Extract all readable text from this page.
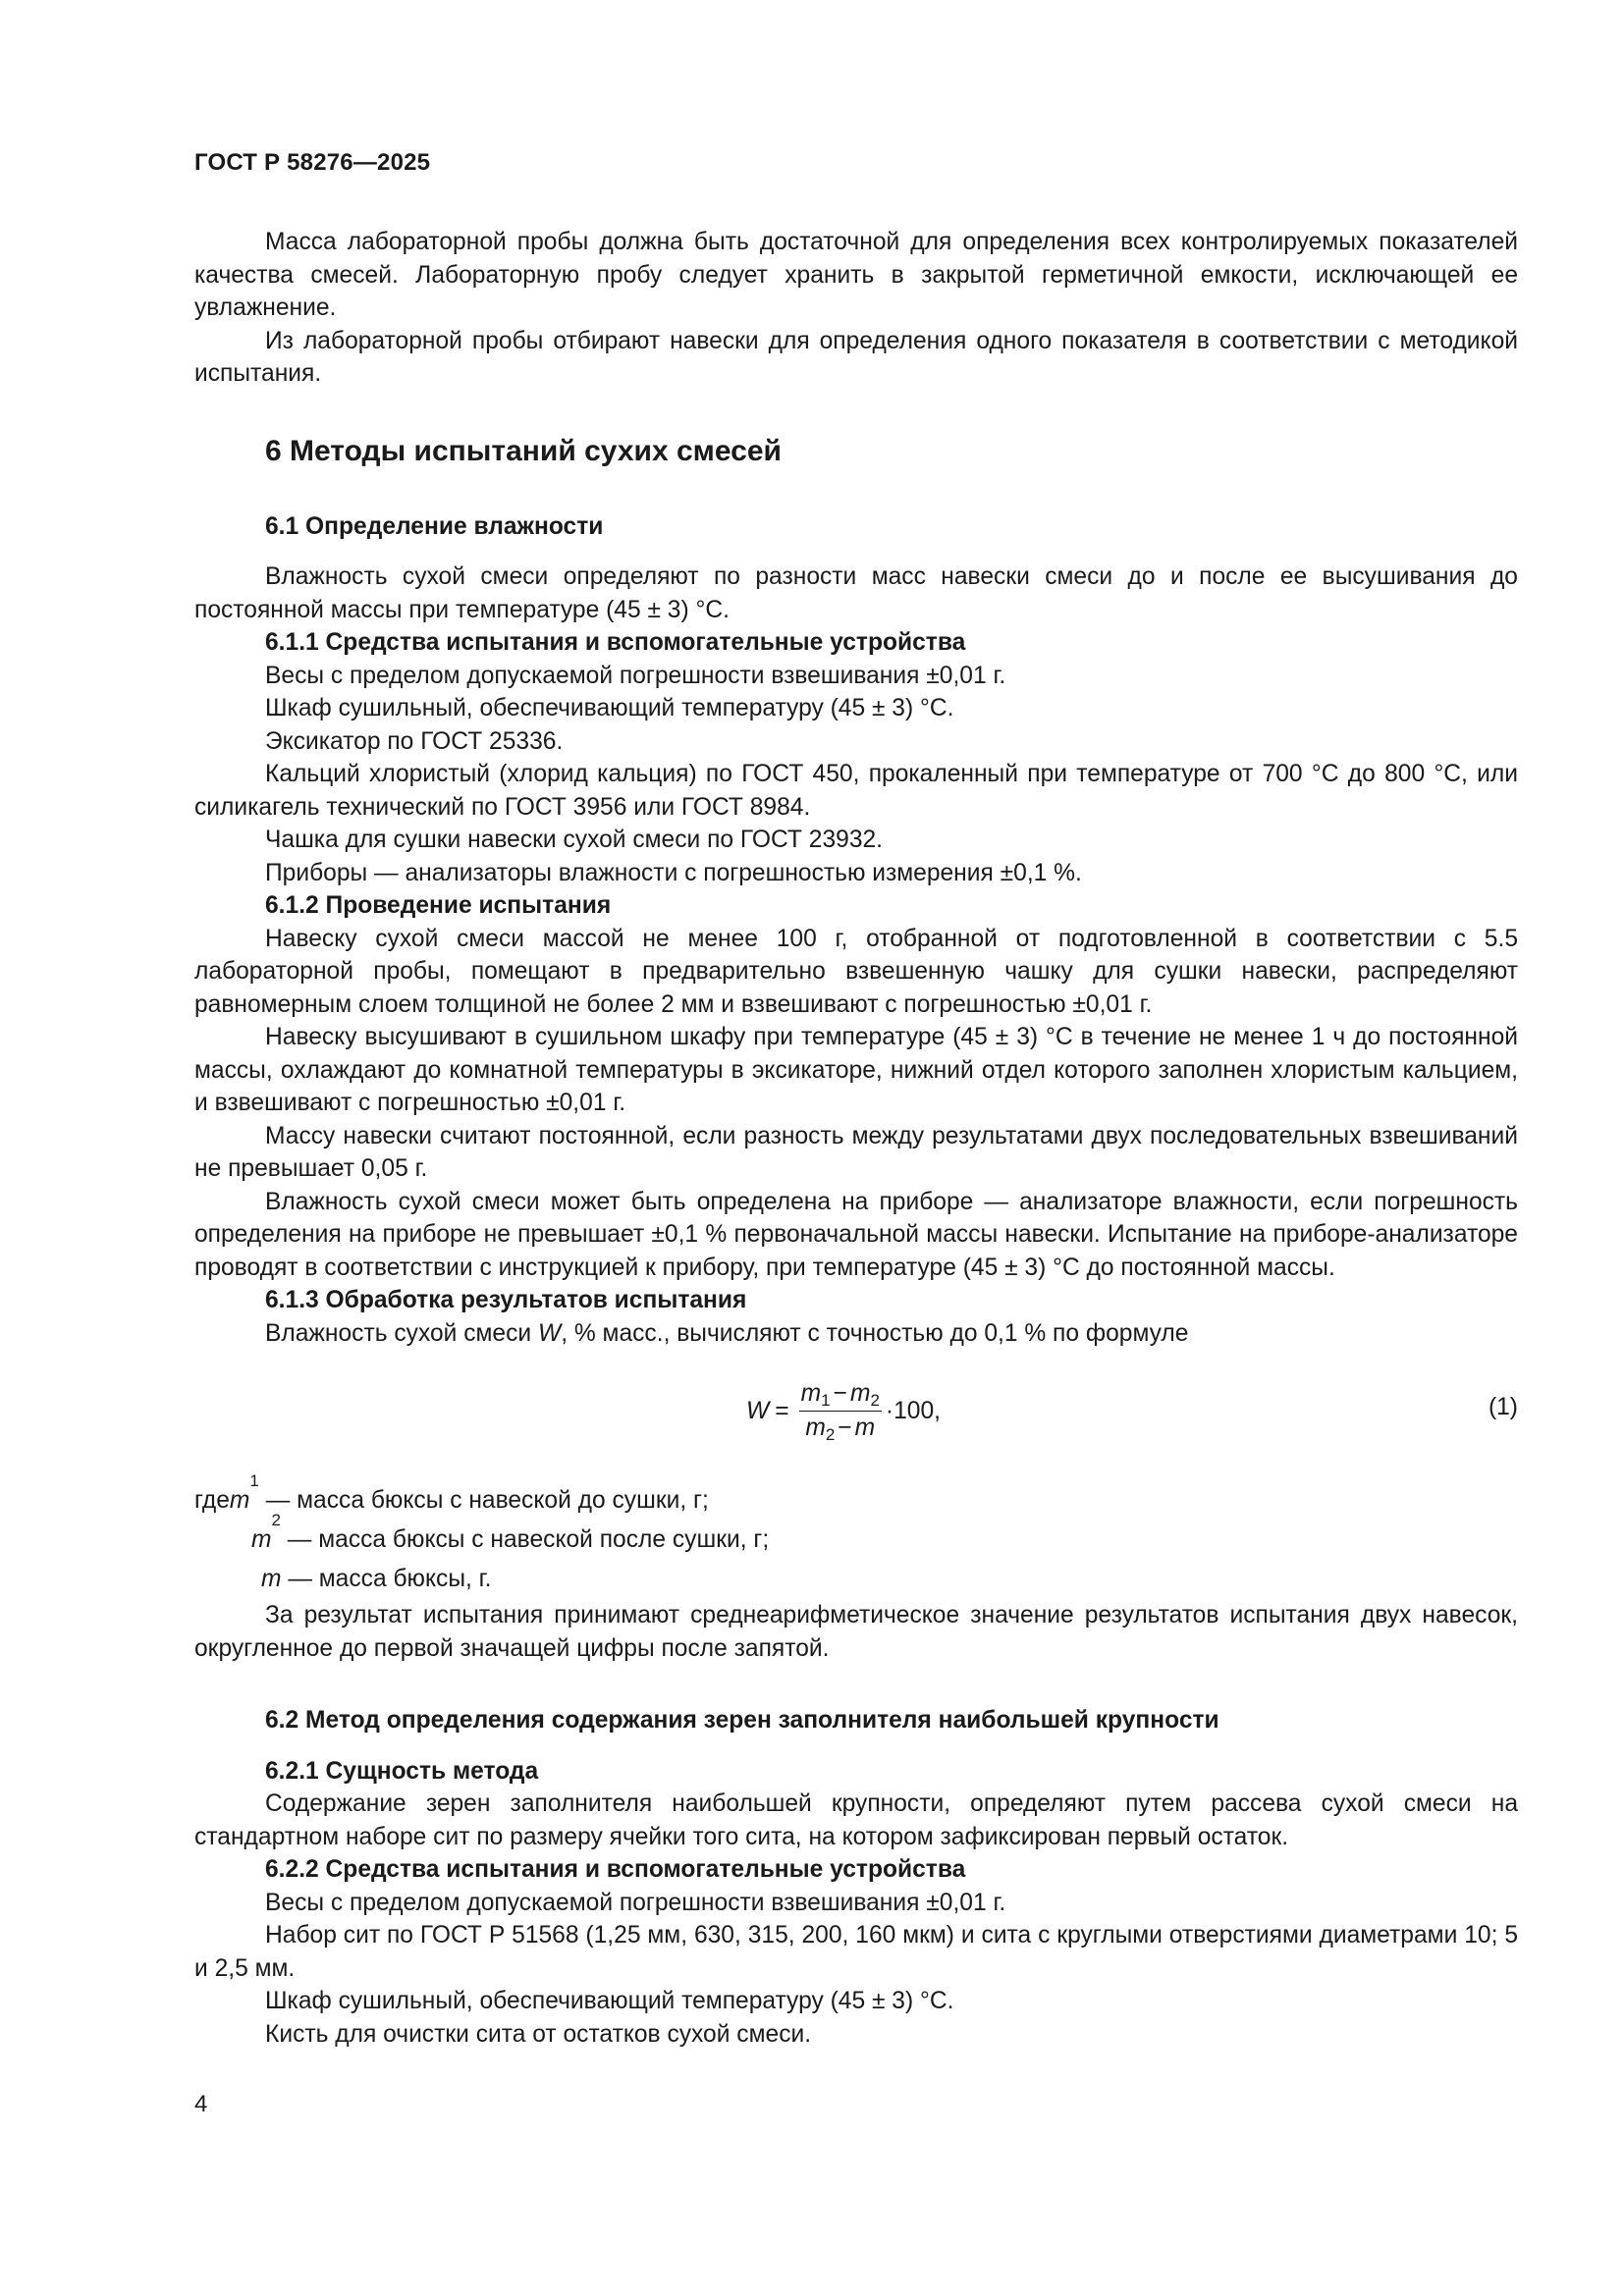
ГОСТ Р 58276—2025

Масса лабораторной пробы должна быть достаточной для определения всех контролируемых показателей качества смесей. Лабораторную пробу следует хранить в закрытой герметичной емкости, исключающей ее увлажнение.

Из лабораторной пробы отбирают навески для определения одного показателя в соответствии с методикой испытания.

6 Методы испытаний сухих смесей
6.1 Определение влажности

Влажность сухой смеси определяют по разности масс навески смеси до и после ее высушивания до постоянной массы при температуре (45 ± 3) °С.

6.1.1 Средства испытания и вспомогательные устройства

Весы с пределом допускаемой погрешности взвешивания ±0,01 г.

Шкаф сушильный, обеспечивающий температуру (45 ± 3) °С.

Эксикатор по ГОСТ 25336.

Кальций хлористый (хлорид кальция) по ГОСТ 450, прокаленный при температуре от 700 °С до 800 °С, или силикагель технический по ГОСТ 3956 или ГОСТ 8984.

Чашка для сушки навески сухой смеси по ГОСТ 23932.

Приборы — анализаторы влажности с погрешностью измерения ±0,1 %.

6.1.2 Проведение испытания

Навеску сухой смеси массой не менее 100 г, отобранной от подготовленной в соответствии с 5.5 лабораторной пробы, помещают в предварительно взвешенную чашку для сушки навески, распределяют равномерным слоем толщиной не более 2 мм и взвешивают с погрешностью ±0,01 г.

Навеску высушивают в сушильном шкафу при температуре (45 ± 3) °С в течение не менее 1 ч до постоянной массы, охлаждают до комнатной температуры в эксикаторе, нижний отдел которого заполнен хлористым кальцием, и взвешивают с погрешностью ±0,01 г.

Массу навески считают постоянной, если разность между результатами двух последовательных взвешиваний не превышает 0,05 г.

Влажность сухой смеси может быть определена на приборе — анализаторе влажности, если погрешность определения на приборе не превышает ±0,1 % первоначальной массы навески. Испытание на приборе-анализаторе проводят в соответствии с инструкцией к прибору, при температуре (45 ± 3) °С до постоянной массы.

6.1.3 Обработка результатов испытания

Влажность сухой смеси W, % масс., вычисляют с точностью до 0,1 % по формуле

$W = \frac{m_1 - m_2}{m_2 - m} \cdot 100$,	(1)
где m
1
— масса бюксы с навеской до сушки, г;
m
2
— масса бюксы с навеской после сушки, г;
m — масса бюксы, г.

За результат испытания принимают среднеарифметическое значение результатов испытания двух навесок, округленное до первой значащей цифры после запятой.

6.2 Метод определения содержания зерен заполнителя наибольшей крупности
6.2.1 Сущность метода

Содержание зерен заполнителя наибольшей крупности, определяют путем рассева сухой смеси на стандартном наборе сит по размеру ячейки того сита, на котором зафиксирован первый остаток.

6.2.2 Средства испытания и вспомогательные устройства

Весы с пределом допускаемой погрешности взвешивания ±0,01 г.

Набор сит по ГОСТ Р 51568 (1,25 мм, 630, 315, 200, 160 мкм) и сита с круглыми отверстиями диаметрами 10; 5 и 2,5 мм.

Шкаф сушильный, обеспечивающий температуру (45 ± 3) °С.

Кисть для очистки сита от остатков сухой смеси.

4
